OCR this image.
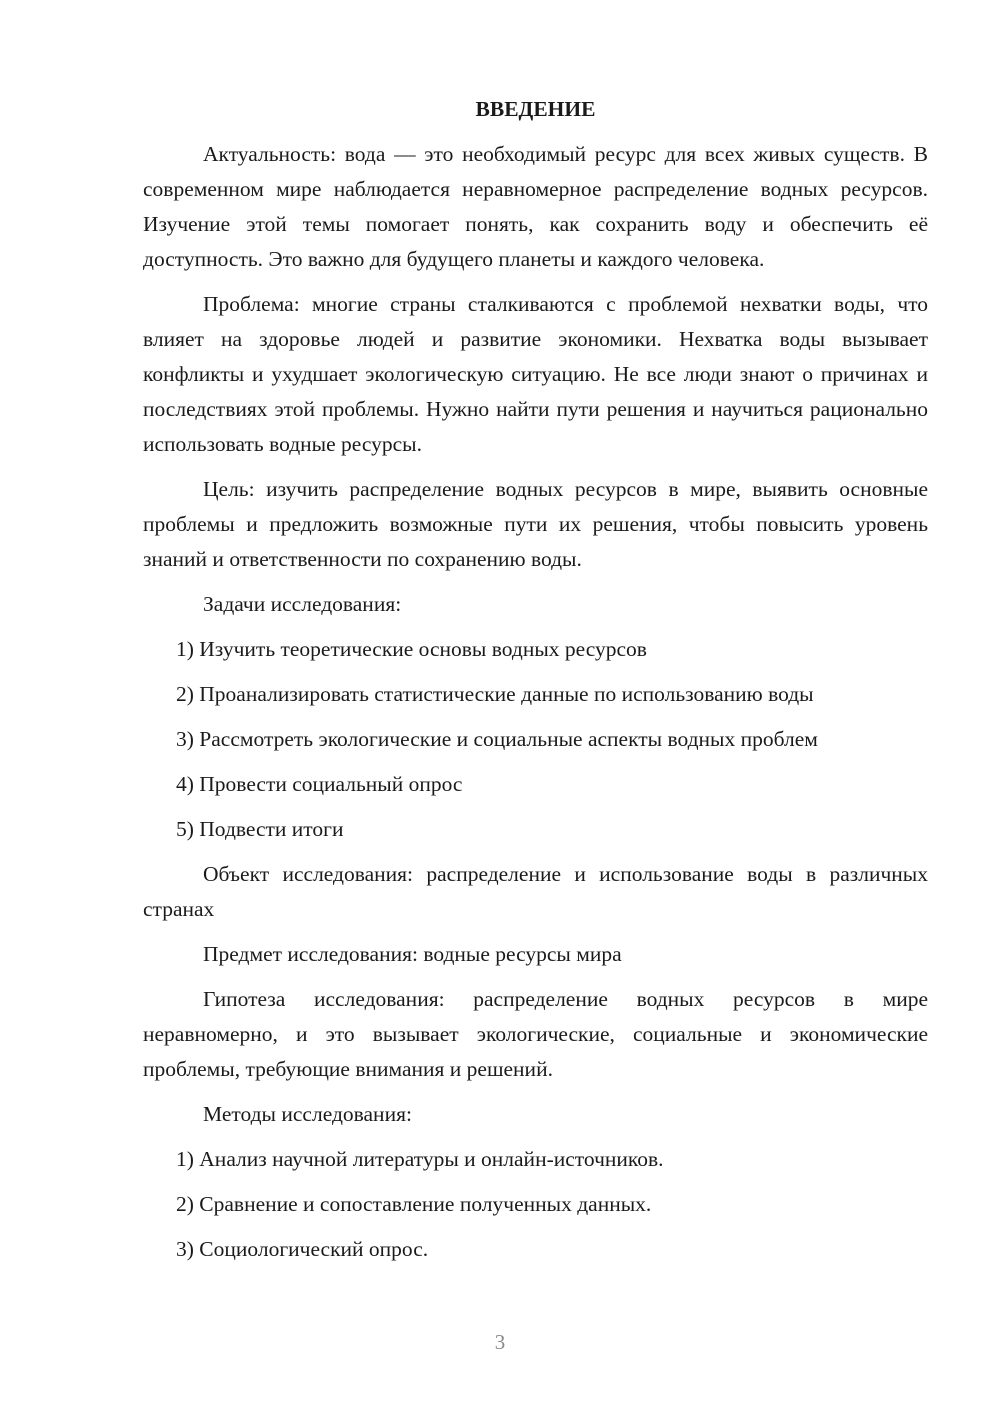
ВВЕДЕНИЕ

Актуальность: вода — это необходимый ресурс для всех живых существ. В современном мире наблюдается неравномерное распределение водных ресурсов. Изучение этой темы помогает понять, как сохранить воду и обеспечить её доступность. Это важно для будущего планеты и каждого человека.

Проблема: многие страны сталкиваются с проблемой нехватки воды, что влияет на здоровье людей и развитие экономики. Нехватка воды вызывает конфликты и ухудшает экологическую ситуацию. Не все люди знают о причинах и последствиях этой проблемы. Нужно найти пути решения и научиться рационально использовать водные ресурсы.

Цель: изучить распределение водных ресурсов в мире, выявить основные проблемы и предложить возможные пути их решения, чтобы повысить уровень знаний и ответственности по сохранению воды.

Задачи исследования:

1) Изучить теоретические основы водных ресурсов
2) Проанализировать статистические данные по использованию воды
3) Рассмотреть экологические и социальные аспекты водных проблем
4) Провести социальный опрос
5) Подвести итоги

Объект исследования: распределение и использование воды в различных странах

Предмет исследования: водные ресурсы мира

Гипотеза исследования: распределение водных ресурсов в мире неравномерно, и это вызывает экологические, социальные и экономические проблемы, требующие внимания и решений.

Методы исследования:

1) Анализ научной литературы и онлайн-источников.
2) Сравнение и сопоставление полученных данных.
3) Социологический опрос.
3
